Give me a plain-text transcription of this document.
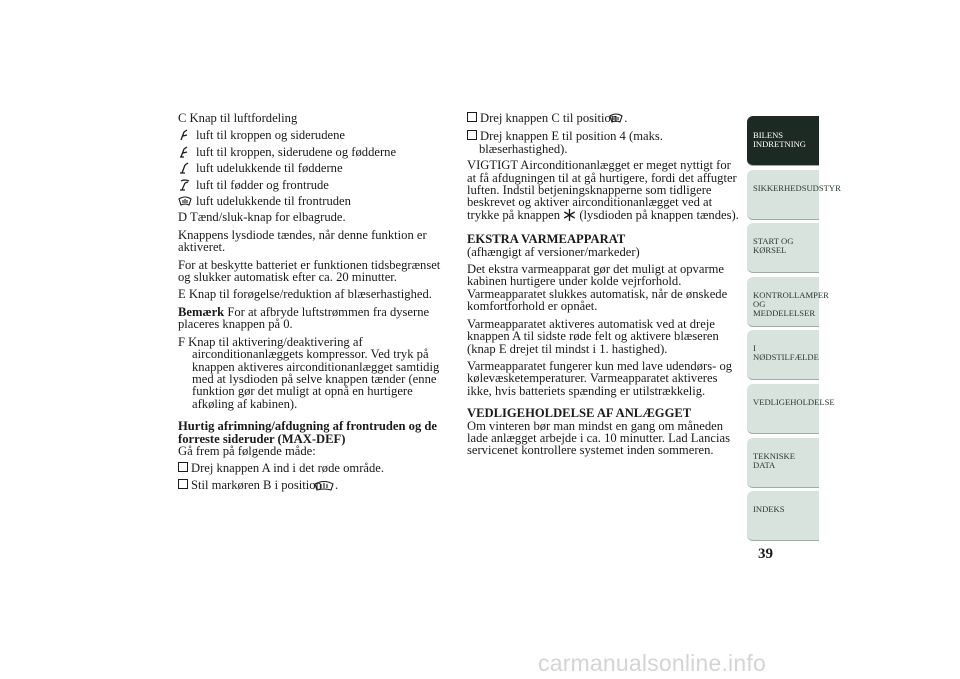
C Knap til luftfordeling
luft til kroppen og siderudene
luft til kroppen, siderudene og fødderne
luft udelukkende til fødderne
luft til fødder og frontrude
luft udelukkende til frontruden
D Tænd/sluk-knap for elbagrude.
Knappens lysdiode tændes, når denne funktion er aktiveret.
For at beskytte batteriet er funktionen tidsbegrænset og slukker automatisk efter ca. 20 minutter.
E Knap til forøgelse/reduktion af blæserhastighed.
Bemærk For at afbryde luftstrømmen fra dyserne placeres knappen på 0.
F Knap til aktivering/deaktivering af airconditionanlæggets kompressor. Ved tryk på knappen aktiveres airconditionanlægget samtidig med at lysdioden på selve knappen tænder (enne funktion gør det muligt at opnå en hurtigere afkøling af kabinen).
Hurtig afrimning/afdugning af frontruden og de forreste sideruder (MAX-DEF)
Gå frem på følgende måde:
Drej knappen A ind i det røde område.
Stil markøren B i position .
Drej knappen C til position .
Drej knappen E til position 4 (maks. blæserhastighed).
VIGTIGT Airconditionanlægget er meget nyttigt for at få afdugningen til at gå hurtigere, fordi det affugter luften. Indstil betjeningsknapperne som tidligere beskrevet og aktiver airconditionanlægget ved at trykke på knappen (lysdioden på knappen tændes).
EKSTRA VARMEAPPARAT
(afhængigt af versioner/markeder)
Det ekstra varmeapparat gør det muligt at opvarme kabinen hurtigere under kolde vejrforhold. Varmeapparatet slukkes automatisk, når de ønskede komfortforhold er opnået.
Varmeapparatet aktiveres automatisk ved at dreje knappen A til sidste røde felt og aktivere blæseren (knap E drejet til mindst i 1. hastighed).
Varmeapparatet fungerer kun med lave udendørs- og kølevæsketemperaturer. Varmeapparatet aktiveres ikke, hvis batteriets spænding er utilstrækkelig.
VEDLIGEHOLDELSE AF ANLÆGGET
Om vinteren bør man mindst en gang om måneden lade anlægget arbejde i ca. 10 minutter. Lad Lancias servicenet kontrollere systemet inden sommeren.
BILENS INDRETNING
SIKKERHEDSUDSTYR
START OG KØRSEL
KONTROLLAMPER OG MEDDELELSER
I NØDSTILFÆLDE
VEDLIGEHOLDELSE
TEKNISKE DATA
INDEKS
39
carmanualsonline.info
